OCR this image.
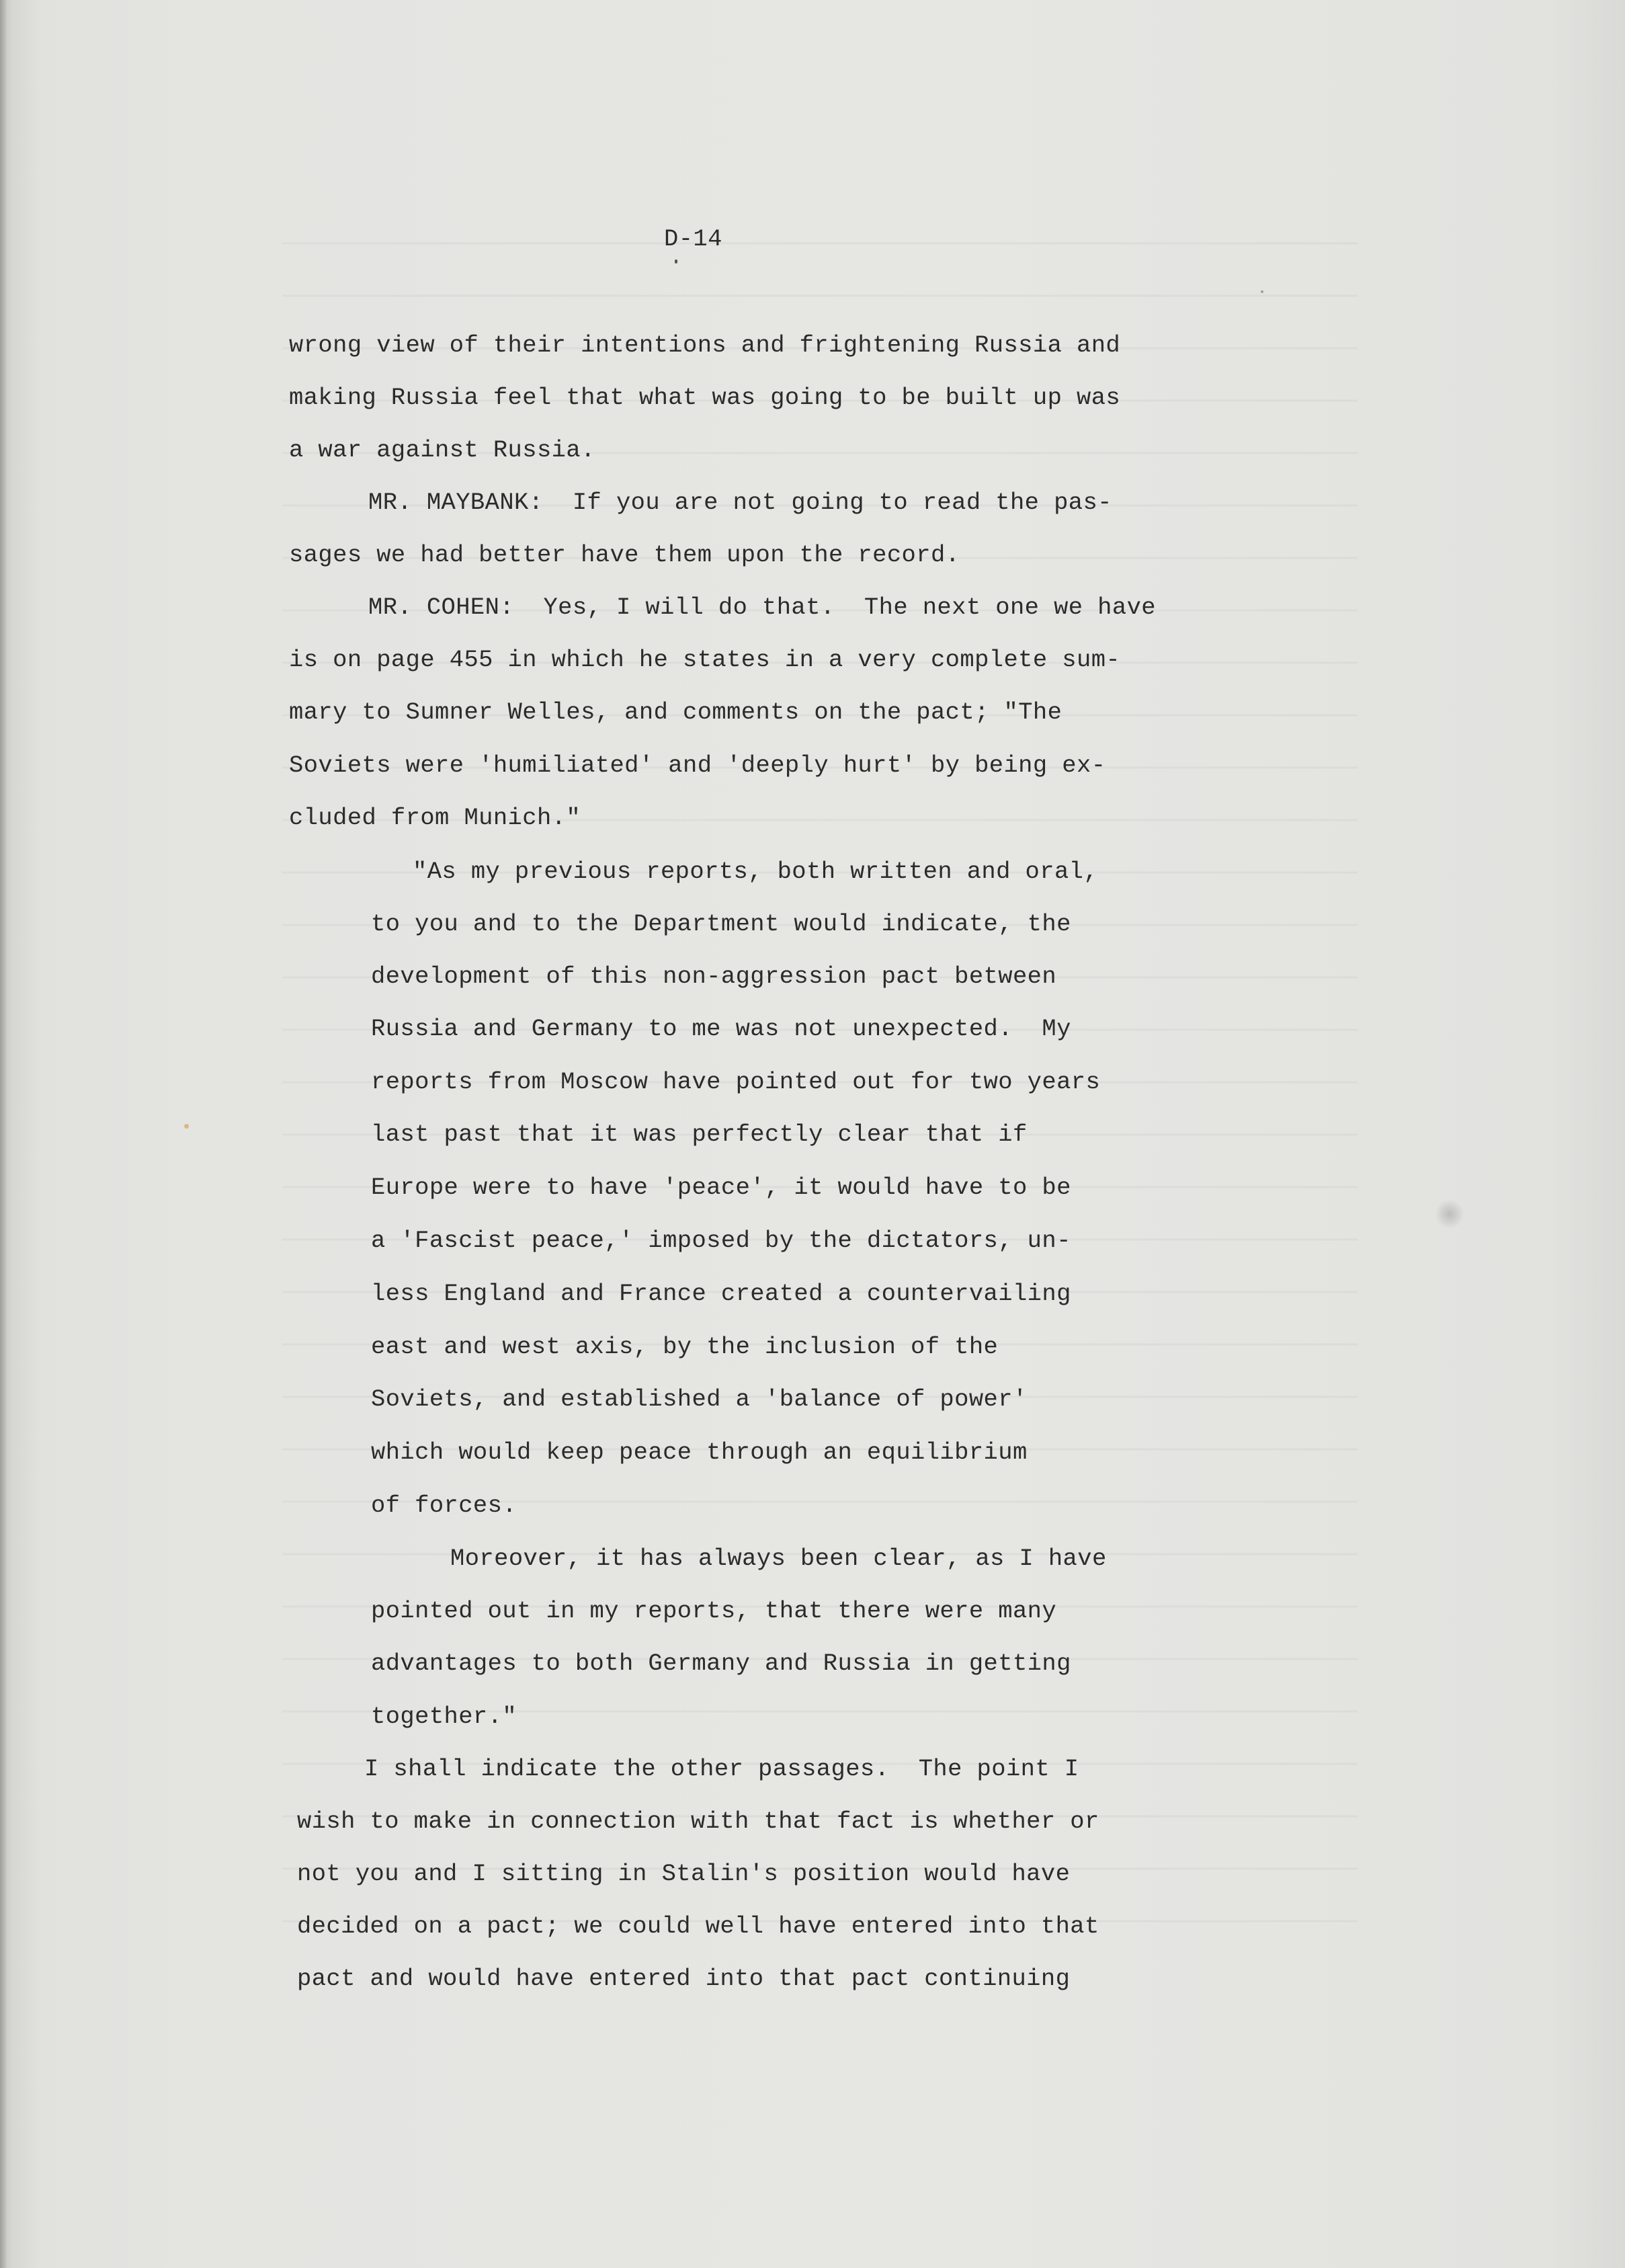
D-14
wrong view of their intentions and frightening Russia and
making Russia feel that what was going to be built up was
a war against Russia.
MR. MAYBANK:  If you are not going to read the pas-
sages we had better have them upon the record.
MR. COHEN:  Yes, I will do that.  The next one we have
is on page 455 in which he states in a very complete sum-
mary to Sumner Welles, and comments on the pact; "The
Soviets were 'humiliated' and 'deeply hurt' by being ex-
cluded from Munich."
"As my previous reports, both written and oral,
to you and to the Department would indicate, the
development of this non-aggression pact between
Russia and Germany to me was not unexpected.  My
reports from Moscow have pointed out for two years
last past that it was perfectly clear that if
Europe were to have 'peace', it would have to be
a 'Fascist peace,' imposed by the dictators, un-
less England and France created a countervailing
east and west axis, by the inclusion of the
Soviets, and established a 'balance of power'
which would keep peace through an equilibrium
of forces.
Moreover, it has always been clear, as I have
pointed out in my reports, that there were many
advantages to both Germany and Russia in getting
together."
I shall indicate the other passages.  The point I
wish to make in connection with that fact is whether or
not you and I sitting in Stalin's position would have
decided on a pact; we could well have entered into that
pact and would have entered into that pact continuing
